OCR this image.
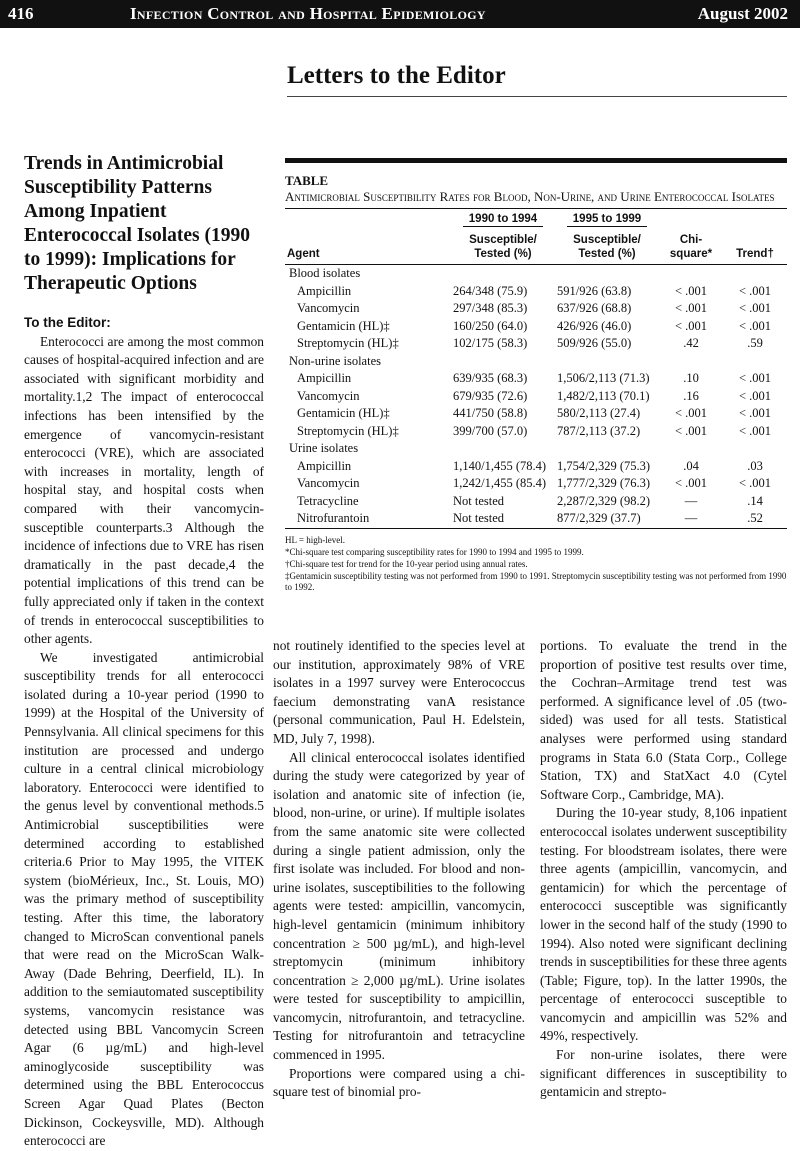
416	Infection Control and Hospital Epidemiology	August 2002
Letters to the Editor
Trends in Antimicrobial Susceptibility Patterns Among Inpatient Enterococcal Isolates (1990 to 1999): Implications for Therapeutic Options
To the Editor:

Enterococci are among the most common causes of hospital-acquired infection and are associated with significant morbidity and mortality.1,2 The impact of enterococcal infections has been intensified by the emergence of vancomycin-resistant enterococci (VRE), which are associated with increases in mortality, length of hospital stay, and hospital costs when compared with their vancomycin-susceptible counterparts.3 Although the incidence of infections due to VRE has risen dramatically in the past decade,4 the potential implications of this trend can be fully appreciated only if taken in the context of trends in enterococcal susceptibilities to other agents.

We investigated antimicrobial susceptibility trends for all enterococci isolated during a 10-year period (1990 to 1999) at the Hospital of the University of Pennsylvania. All clinical specimens for this institution are processed and undergo culture in a central clinical microbiology laboratory. Enterococci were identified to the genus level by conventional methods.5 Antimicrobial susceptibilities were determined according to established criteria.6 Prior to May 1995, the VITEK system (bioMérieux, Inc., St. Louis, MO) was the primary method of susceptibility testing. After this time, the laboratory changed to MicroScan conventional panels that were read on the MicroScan Walk-Away (Dade Behring, Deerfield, IL). In addition to the semiautomated susceptibility systems, vancomycin resistance was detected using BBL Vancomycin Screen Agar (6 µg/mL) and high-level aminoglycoside susceptibility was determined using the BBL Enterococcus Screen Agar Quad Plates (Becton Dickinson, Cockeysville, MD). Although enterococci are

not routinely identified to the species level at our institution, approximately 98% of VRE isolates in a 1997 survey were Enterococcus faecium demonstrating vanA resistance (personal communication, Paul H. Edelstein, MD, July 7, 1998).

All clinical enterococcal isolates identified during the study were categorized by year of isolation and anatomic site of infection (ie, blood, non-urine, or urine). If multiple isolates from the same anatomic site were collected during a single patient admission, only the first isolate was included. For blood and non-urine isolates, susceptibilities to the following agents were tested: ampicillin, vancomycin, high-level gentamicin (minimum inhibitory concentration ≥ 500 µg/mL), and high-level streptomycin (minimum inhibitory concentration ≥ 2,000 µg/mL). Urine isolates were tested for susceptibility to ampicillin, vancomycin, nitrofurantoin, and tetracycline. Testing for nitrofurantoin and tetracycline commenced in 1995.

Proportions were compared using a chi-square test of binomial pro-

portions. To evaluate the trend in the proportion of positive test results over time, the Cochran–Armitage trend test was performed. A significance level of .05 (two-sided) was used for all tests. Statistical analyses were performed using standard programs in Stata 6.0 (Stata Corp., College Station, TX) and StatXact 4.0 (Cytel Software Corp., Cambridge, MA).

During the 10-year study, 8,106 inpatient enterococcal isolates underwent susceptibility testing. For bloodstream isolates, there were three agents (ampicillin, vancomycin, and gentamicin) for which the percentage of enterococci susceptible was significantly lower in the second half of the study (1990 to 1994). Also noted were significant declining trends in susceptibilities for these three agents (Table; Figure, top). In the latter 1990s, the percentage of enterococci susceptible to vancomycin and ampicillin was 52% and 49%, respectively.

For non-urine isolates, there were significant differences in susceptibility to gentamicin and strepto-

TABLE
Antimicrobial Susceptibility Rates for Blood, Non-Urine, and Urine Enterococcal Isolates
	1990 to 1994	1995 to 1999		
Agent	Susceptible/ Tested (%)	Susceptible/ Tested (%)	Chi- square*	Trend†
Blood isolates				
Ampicillin	264/348 (75.9)	591/926 (63.8)	< .001	< .001
Vancomycin	297/348 (85.3)	637/926 (68.8)	< .001	< .001
Gentamicin (HL)‡	160/250 (64.0)	426/926 (46.0)	< .001	< .001
Streptomycin (HL)‡	102/175 (58.3)	509/926 (55.0)	.42	.59
Non-urine isolates				
Ampicillin	639/935 (68.3)	1,506/2,113 (71.3)	.10	< .001
Vancomycin	679/935 (72.6)	1,482/2,113 (70.1)	.16	< .001
Gentamicin (HL)‡	441/750 (58.8)	580/2,113 (27.4)	< .001	< .001
Streptomycin (HL)‡	399/700 (57.0)	787/2,113 (37.2)	< .001	< .001
Urine isolates				
Ampicillin	1,140/1,455 (78.4)	1,754/2,329 (75.3)	.04	.03
Vancomycin	1,242/1,455 (85.4)	1,777/2,329 (76.3)	< .001	< .001
Tetracycline	Not tested	2,287/2,329 (98.2)	—	.14
Nitrofurantoin	Not tested	877/2,329 (37.7)	—	.52
HL = high-level.
*Chi-square test comparing susceptibility rates for 1990 to 1994 and 1995 to 1999.
†Chi-square test for trend for the 10-year period using annual rates.
‡Gentamicin susceptibility testing was not performed from 1990 to 1991. Streptomycin susceptibility testing was not performed from 1990 to 1992.
